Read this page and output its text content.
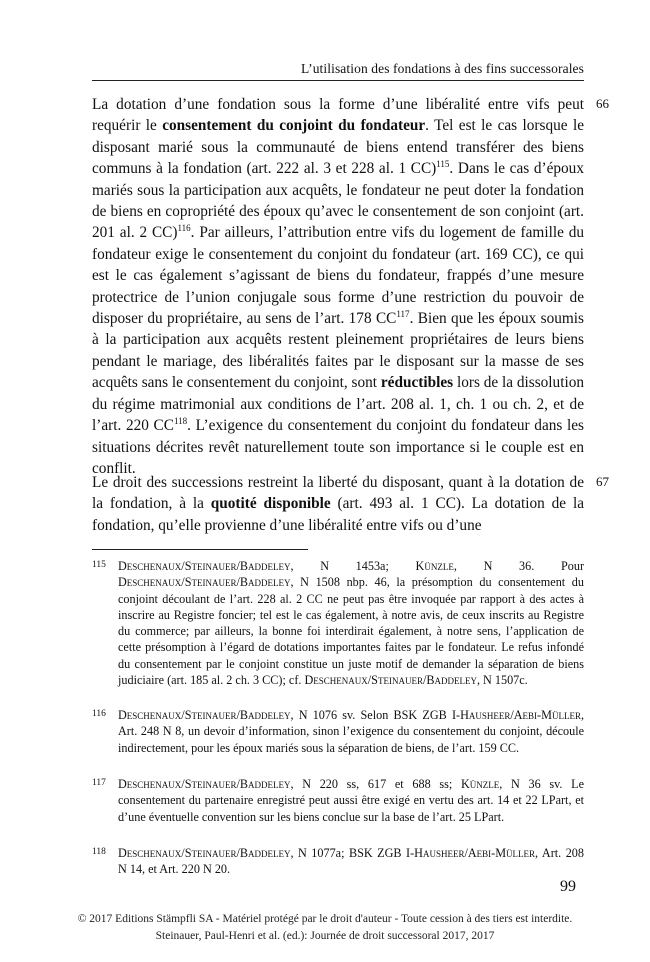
L’utilisation des fondations à des fins successorales
66
La dotation d’une fondation sous la forme d’une libéralité entre vifs peut requérir le consentement du conjoint du fondateur. Tel est le cas lorsque le disposant marié sous la communauté de biens entend transférer des biens communs à la fondation (art. 222 al. 3 et 228 al. 1 CC)$^{115}$. Dans le cas d’époux mariés sous la participation aux acquêts, le fondateur ne peut doter la fondation de biens en copropriété des époux qu’avec le consentement de son conjoint (art. 201 al. 2 CC)$^{116}$. Par ailleurs, l’attribution entre vifs du logement de famille du fondateur exige le consentement du conjoint du fondateur (art. 169 CC), ce qui est le cas également s’agissant de biens du fondateur, frappés d’une mesure protectrice de l’union conjugale sous forme d’une restriction du pouvoir de disposer du propriétaire, au sens de l’art. 178 CC$^{117}$. Bien que les époux soumis à la participation aux acquêts restent pleinement propriétaires de leurs biens pendant le mariage, des libéralités faites par le disposant sur la masse de ses acquêts sans le consentement du conjoint, sont réductibles lors de la dissolution du régime matrimonial aux conditions de l’art. 208 al. 1, ch. 1 ou ch. 2, et de l’art. 220 CC$^{118}$. L’exigence du consentement du conjoint du fondateur dans les situations décrites revêt naturellement toute son importance si le couple est en conflit.
67
Le droit des successions restreint la liberté du disposant, quant à la dotation de la fondation, à la quotité disponible (art. 493 al. 1 CC). La dotation de la fondation, qu’elle provienne d’une libéralité entre vifs ou d’une
115 Deschenaux/Steinauer/Baddeley, N 1453a; Künzle, N 36. Pour Deschenaux/Steinauer/Baddeley, N 1508 nbp. 46, la présomption du consentement du conjoint découlant de l’art. 228 al. 2 CC ne peut pas être invoquée par rapport à des actes à inscrire au Registre foncier; tel est le cas également, à notre avis, de ceux inscrits au Registre du commerce; par ailleurs, la bonne foi interdirait également, à notre sens, l’application de cette présomption à l’égard de dotations importantes faites par le fondateur. Le refus infondé du consentement par le conjoint constitue un juste motif de demander la séparation de biens judiciaire (art. 185 al. 2 ch. 3 CC); cf. Deschenaux/Steinauer/Baddeley, N 1507c.
116 Deschenaux/Steinauer/Baddeley, N 1076 sv. Selon BSK ZGB I-Hausheer/Aebi-Müller, Art. 248 N 8, un devoir d’information, sinon l’exigence du consentement du conjoint, découle indirectement, pour les époux mariés sous la séparation de biens, de l’art. 159 CC.
117 Deschenaux/Steinauer/Baddeley, N 220 ss, 617 et 688 ss; Künzle, N 36 sv. Le consentement du partenaire enregistré peut aussi être exigé en vertu des art. 14 et 22 LPart, et d’une éventuelle convention sur les biens conclue sur la base de l’art. 25 LPart.
118 Deschenaux/Steinauer/Baddeley, N 1077a; BSK ZGB I-Hausheer/Aebi-Müller, Art. 208 N 14, et Art. 220 N 20.
99
© 2017 Editions Stämpfli SA - Matériel protégé par le droit d'auteur - Toute cession à des tiers est interdite.
Steinauer, Paul-Henri et al. (ed.): Journée de droit successoral 2017, 2017
